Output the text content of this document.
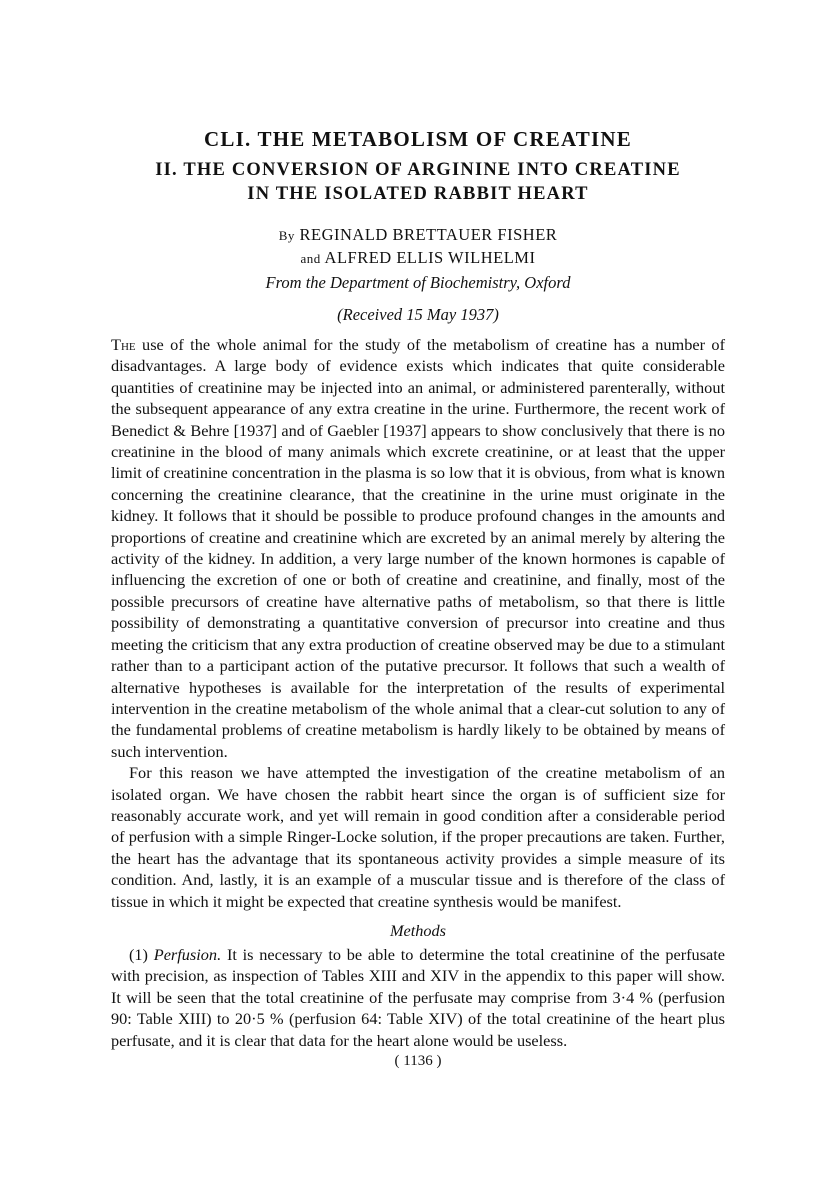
CLI. THE METABOLISM OF CREATINE
II. THE CONVERSION OF ARGININE INTO CREATINE
IN THE ISOLATED RABBIT HEART
By REGINALD BRETTAUER FISHER
and ALFRED ELLIS WILHELMI
From the Department of Biochemistry, Oxford
(Received 15 May 1937)

The use of the whole animal for the study of the metabolism of creatine has a number of disadvantages. A large body of evidence exists which indicates that quite considerable quantities of creatinine may be injected into an animal, or administered parenterally, without the subsequent appearance of any extra creatine in the urine. Furthermore, the recent work of Benedict & Behre [1937] and of Gaebler [1937] appears to show conclusively that there is no creatinine in the blood of many animals which excrete creatinine, or at least that the upper limit of creatinine concentration in the plasma is so low that it is obvious, from what is known concerning the creatinine clearance, that the creatinine in the urine must originate in the kidney. It follows that it should be possible to produce profound changes in the amounts and proportions of creatine and creatinine which are excreted by an animal merely by altering the activity of the kidney. In addition, a very large number of the known hormones is capable of influencing the excretion of one or both of creatine and creatinine, and finally, most of the possible precursors of creatine have alternative paths of metabolism, so that there is little possibility of demonstrating a quantitative conversion of precursor into creatine and thus meeting the criticism that any extra production of creatine observed may be due to a stimulant rather than to a participant action of the putative precursor. It follows that such a wealth of alternative hypotheses is available for the interpretation of the results of experimental intervention in the creatine metabolism of the whole animal that a clear-cut solution to any of the fundamental problems of creatine metabolism is hardly likely to be obtained by means of such intervention.

For this reason we have attempted the investigation of the creatine metabolism of an isolated organ. We have chosen the rabbit heart since the organ is of sufficient size for reasonably accurate work, and yet will remain in good condition after a considerable period of perfusion with a simple Ringer-Locke solution, if the proper precautions are taken. Further, the heart has the advantage that its spontaneous activity provides a simple measure of its condition. And, lastly, it is an example of a muscular tissue and is therefore of the class of tissue in which it might be expected that creatine synthesis would be manifest.

Methods

(1) Perfusion. It is necessary to be able to determine the total creatinine of the perfusate with precision, as inspection of Tables XIII and XIV in the appendix to this paper will show. It will be seen that the total creatinine of the perfusate may comprise from 3·4 % (perfusion 90: Table XIII) to 20·5 % (perfusion 64: Table XIV) of the total creatinine of the heart plus perfusate, and it is clear that data for the heart alone would be useless.

( 1136 )
